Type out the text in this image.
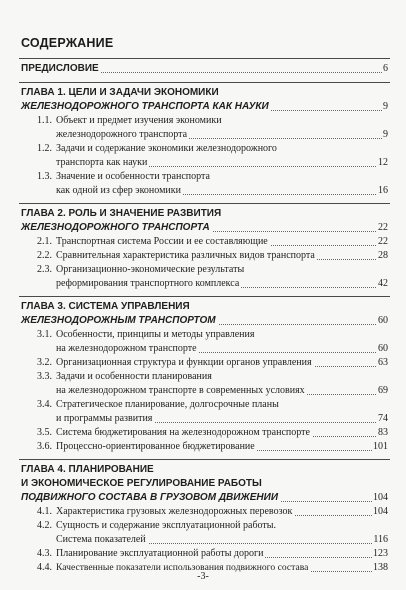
СОДЕРЖАНИЕ
ПРЕДИСЛОВИЕ	6
ГЛАВА 1. ЦЕЛИ И ЗАДАЧИ ЭКОНОМИКИ
ЖЕЛЕЗНОДОРОЖНОГО ТРАНСПОРТА КАК НАУКИ	9
1.1. Объект и предмет изучения экономики
железнодорожного транспорта	9
1.2. Задачи и содержание экономики железнодорожного
транспорта как науки	12
1.3. Значение и особенности транспорта
как одной из сфер экономики	16
ГЛАВА 2. РОЛЬ И ЗНАЧЕНИЕ РАЗВИТИЯ
ЖЕЛЕЗНОДОРОЖНОГО ТРАНСПОРТА	22
2.1. Транспортная система России и ее составляющие	22
2.2. Сравнительная характеристика различных видов транспорта	28
2.3. Организационно-экономические результаты
реформирования транспортного комплекса	42
ГЛАВА 3. СИСТЕМА УПРАВЛЕНИЯ
ЖЕЛЕЗНОДОРОЖНЫМ ТРАНСПОРТОМ	60
3.1. Особенности, принципы и методы управления
на железнодорожном транспорте	60
3.2. Организационная структура и функции органов управления	63
3.3. Задачи и особенности планирования
на железнодорожном транспорте в современных условиях	69
3.4. Стратегическое планирование, долгосрочные планы
и программы развития	74
3.5. Система бюджетирования на железнодорожном транспорте	83
3.6. Процессно-ориентированное бюджетирование	101
ГЛАВА 4. ПЛАНИРОВАНИЕ
И ЭКОНОМИЧЕСКОЕ РЕГУЛИРОВАНИЕ РАБОТЫ
ПОДВИЖНОГО СОСТАВА В ГРУЗОВОМ ДВИЖЕНИИ	104
4.1. Характеристика грузовых железнодорожных перевозок	104
4.2. Сущность и содержание эксплуатационной работы.
Система показателей	116
4.3. Планирование эксплуатационной работы дороги	123
4.4. Качественные показатели использования подвижного состава	138
-3-
